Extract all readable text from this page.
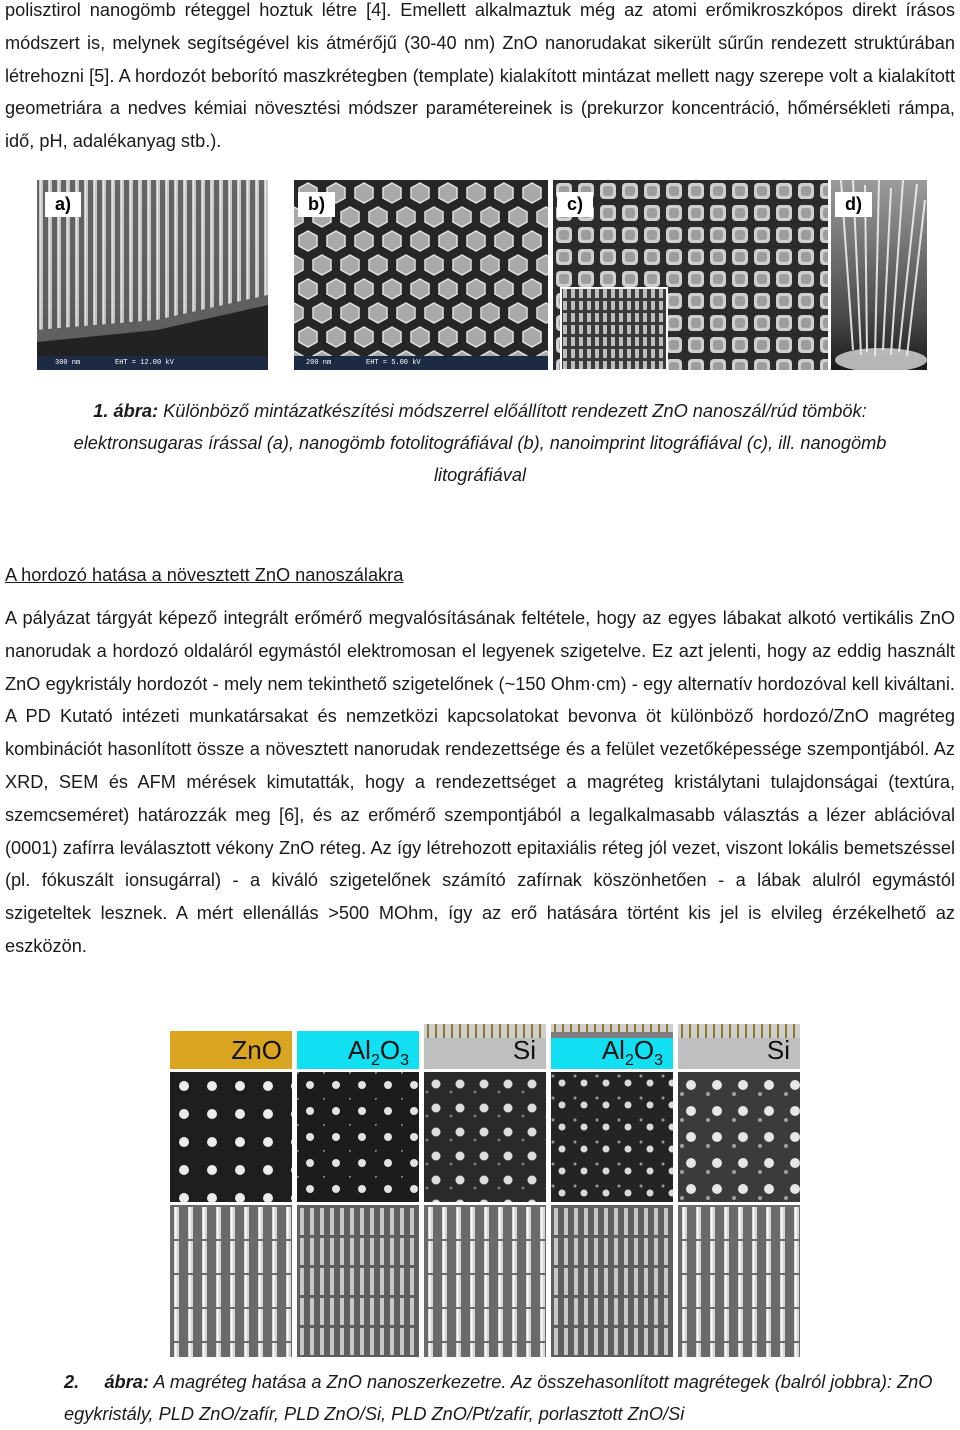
polisztirol nanogömb réteggel hoztuk létre [4]. Emellett alkalmaztuk még az atomi erőmikroszkópos direkt írásos módszert is, melynek segítségével kis átmérőjű (30-40 nm) ZnO nanorudakat sikerült sűrűn rendezett struktúrában létrehozni [5]. A hordozót beborító maszkrétegben (template) kialakított mintázat mellett nagy szerepe volt a kialakított geometriára a nedves kémiai növesztési módszer paramétereinek is (prekurzor koncentráció, hőmérsékleti rámpa, idő, pH, adalékanyag stb.).

a)
300 nm	EHT = 12.00 kV
b)
200 nm	EHT = 5.00 kV
c)	d)

1. ábra: Különböző mintázatkészítési módszerrel előállított rendezett ZnO nanoszál/rúd tömbök: elektronsugaras írással (a), nanogömb fotolitográfiával (b), nanoimprint litográfiával (c), ill. nanogömb litográfiával

A hordozó hatása a növesztett ZnO nanoszálakra

A pályázat tárgyát képező integrált erőmérő megvalósításának feltétele, hogy az egyes lábakat alkotó vertikális ZnO nanorudak a hordozó oldaláról egymástól elektromosan el legyenek szigetelve. Ez azt jelenti, hogy az eddig használt ZnO egykristály hordozót - mely nem tekinthető szigetelőnek (~150 Ohm·cm) - egy alternatív hordozóval kell kiváltani. A PD Kutató intézeti munkatársakat és nemzetközi kapcsolatokat bevonva öt különböző hordozó/ZnO magréteg kombinációt hasonlított össze a növesztett nanorudak rendezettsége és a felület vezetőképessége szempontjából. Az XRD, SEM és AFM mérések kimutatták, hogy a rendezettséget a magréteg kristálytani tulajdonságai (textúra, szemcseméret) határozzák meg [6], és az erőmérő szempontjából a legalkalmasabb választás a lézer ablációval (0001) zafírra leválasztott vékony ZnO réteg. Az így létrehozott epitaxiális réteg jól vezet, viszont lokális bemetszéssel (pl. fókuszált ionsugárral) - a kiváló szigetelőnek számító zafírnak köszönhetően - a lábak alulról egymástól szigeteltek lesznek. A mért ellenállás >500 MOhm, így az erő hatására történt kis jel is elvileg érzékelhető az eszközön.

ZnO	$Al_2O_3$	Si	$Al_2O_3$	Si

2. ábra: A magréteg hatása a ZnO nanoszerkezetre. Az összehasonlított magrétegek (balról jobbra): ZnO egykristály, PLD ZnO/zafír, PLD ZnO/Si, PLD ZnO/Pt/zafír, porlasztott ZnO/Si
